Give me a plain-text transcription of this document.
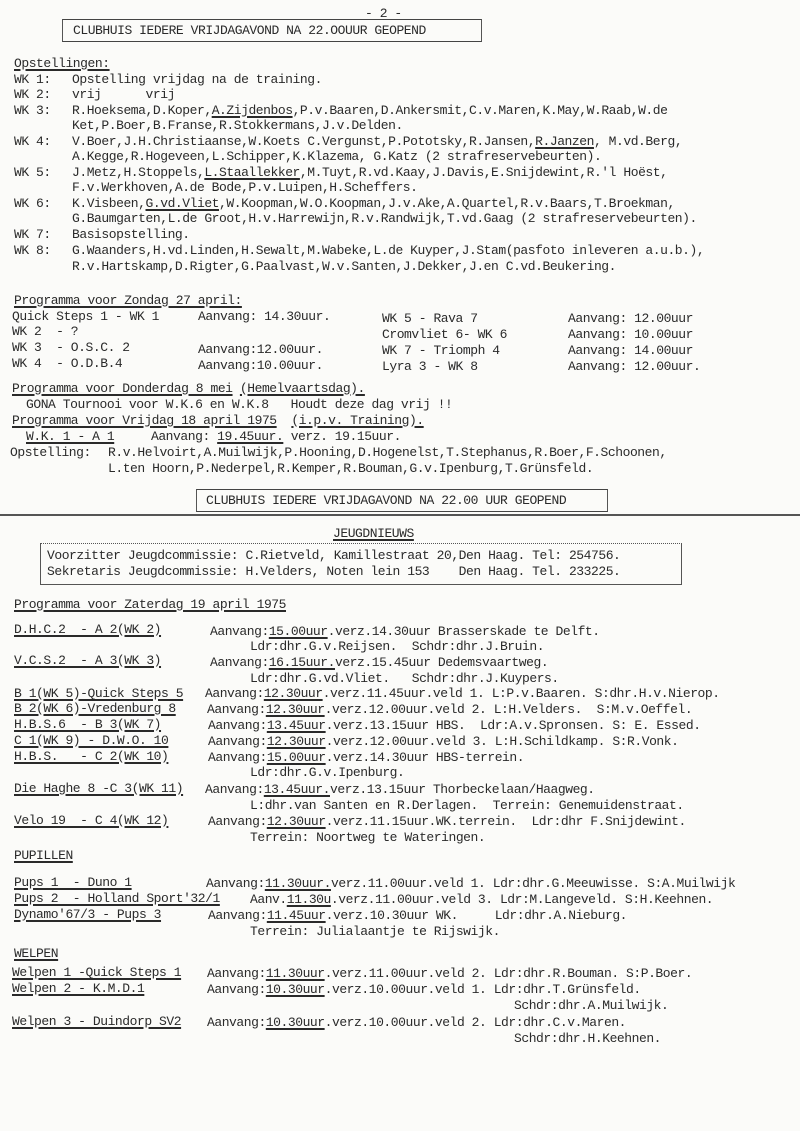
- 2 -
CLUBHUIS IEDERE VRIJDAGAVOND NA 22.OOUUR GEOPEND
Opstellingen:
WK 1: Opstelling vrijdag na de training.
WK 2: vrij      vrij
WK 3: R.Hoeksema,D.Koper,A.Zijdenbos,P.v.Baaren,D.Ankersmit,C.v.Maren,K.May,W.Raab,W.de
Ket,P.Boer,B.Franse,R.Stokkermans,J.v.Delden.
WK 4: V.Boer,J.H.Christiaanse,W.Koets C.Vergunst,P.Pototsky,R.Jansen,R.Janzen, M.vd.Berg,
A.Kegge,R.Hogeveen,L.Schipper,K.Klazema, G.Katz (2 strafreservebeurten).
WK 5: J.Metz,H.Stoppels,L.Staallekker,M.Tuyt,R.vd.Kaay,J.Davis,E.Snijdewint,R.'l Hoëst,
F.v.Werkhoven,A.de Bode,P.v.Luipen,H.Scheffers.
WK 6: K.Visbeen,G.vd.Vliet,W.Koopman,W.O.Koopman,J.v.Ake,A.Quartel,R.v.Baars,T.Broekman,
G.Baumgarten,L.de Groot,H.v.Harrewijn,R.v.Randwijk,T.vd.Gaag (2 strafreservebeurten).
WK 7: Basisopstelling.
WK 8: G.Waanders,H.vd.Linden,H.Sewalt,M.Wabeke,L.de Kuyper,J.Stam(pasfoto inleveren a.u.b.),
R.v.Hartskamp,D.Rigter,G.Paalvast,W.v.Santen,J.Dekker,J.en C.vd.Beukering.
Programma voor Zondag 27 april:
Quick Steps 1 - WK 1	Aanvang: 14.30uur.
WK 2  - ?
WK 3  - O.S.C. 2	Aanvang:12.00uur.
WK 4  - O.D.B.4	Aanvang:10.00uur.
WK 5 - Rava 7	Aanvang: 12.00uur
Cromvliet 6- WK 6	Aanvang: 10.00uur
WK 7 - Triomph 4	Aanvang: 14.00uur
Lyra 3 - WK 8	Aanvang: 12.00uur.
Programma voor Donderdag 8 mei (Hemelvaartsdag).
GONA Tournooi voor W.K.6 en W.K.8   Houdt deze dag vrij !!
Programma voor Vrijdag 18 april 1975 (i.p.v. Training).
W.K. 1 - A 1	Aanvang: 19.45uur. verz. 19.15uur.
Opstelling: R.v.Helvoirt,A.Muilwijk,P.Hooning,D.Hogenelst,T.Stephanus,R.Boer,F.Schoonen,
L.ten Hoorn,P.Nederpel,R.Kemper,R.Bouman,G.v.Ipenburg,T.Grünsfeld.
CLUBHUIS IEDERE VRIJDAGAVOND NA 22.00 UUR GEOPEND
JEUGDNIEUWS
Voorzitter Jeugdcommissie: C.Rietveld, Kamillestraat 20,Den Haag. Tel: 254756.
Sekretaris Jeugdcommissie: H.Velders, Noten lein 153    Den Haag. Tel. 233225.
Programma voor Zaterdag 19 april 1975
D.H.C.2  - A 2(WK 2)	Aanvang:15.00uur.verz.14.30uur Brasserskade te Delft.
Ldr:dhr.G.v.Reijsen.  Schdr:dhr.J.Bruin.
V.C.S.2  - A 3(WK 3)	Aanvang:16.15uur.verz.15.45uur Dedemsvaartweg.
Ldr:dhr.G.vd.Vliet.   Schdr:dhr.J.Kuypers.
B 1(WK 5)-Quick Steps 5 Aanvang:12.30uur.verz.11.45uur.veld 1. L:P.v.Baaren. S:dhr.H.v.Nierop.
B 2(WK 6)-Vredenburg 8 Aanvang:12.30uur.verz.12.00uur.veld 2. L:H.Velders.  S:M.v.Oeffel.
H.B.S.6  - B 3(WK 7)	Aanvang:13.45uur.verz.13.15uur HBS.  Ldr:A.v.Spronsen. S: E. Essed.
C 1(WK 9) - D.W.O. 10	Aanvang:12.30uur.verz.12.00uur.veld 3. L:H.Schildkamp. S:R.Vonk.
H.B.S.   - C 2(WK 10)	Aanvang:15.00uur.verz.14.30uur HBS-terrein.
Ldr:dhr.G.v.Ipenburg.
Die Haghe 8 -C 3(WK 11) Aanvang:13.45uur.verz.13.15uur Thorbeckelaan/Haagweg.
L:dhr.van Santen en R.Derlagen.  Terrein: Genemuidenstraat.
Velo 19  - C 4(WK 12)	Aanvang:12.30uur.verz.11.15uur.WK.terrein.  Ldr:dhr F.Snijdewint.
Terrein: Noortweg te Wateringen.
PUPILLEN
Pups 1  - Duno 1	Aanvang:11.30uur.verz.11.00uur.veld 1. Ldr:dhr.G.Meeuwisse. S:A.Muilwijk
Pups 2  - Holland Sport'32/1 Aanv.11.30u.verz.11.00uur.veld 3. Ldr:M.Langeveld. S:H.Keehnen.
Dynamo'67/3 - Pups 3	Aanvang:11.45uur.verz.10.30uur WK.     Ldr:dhr.A.Nieburg.
Terrein: Julialaantje te Rijswijk.
WELPEN
Welpen 1 -Quick Steps 1 Aanvang:11.30uur.verz.11.00uur.veld 2. Ldr:dhr.R.Bouman. S:P.Boer.
Welpen 2 - K.M.D.1	Aanvang:10.30uur.verz.10.00uur.veld 1. Ldr:dhr.T.Grünsfeld.
Schdr:dhr.A.Muilwijk.
Welpen 3 - Duindorp SV2 Aanvang:10.30uur.verz.10.00uur.veld 2. Ldr:dhr.C.v.Maren.
Schdr:dhr.H.Keehnen.
